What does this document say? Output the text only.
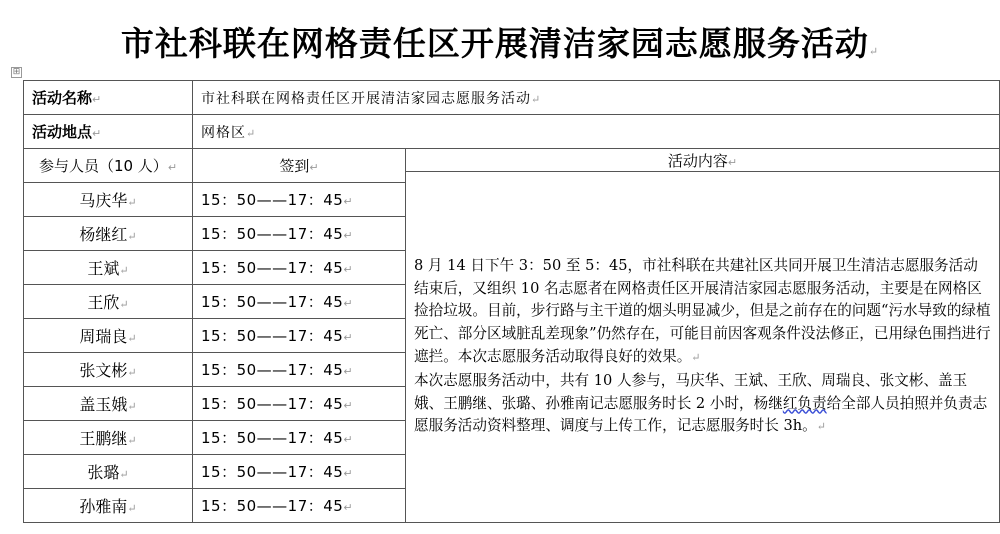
市社科联在网格责任区开展清洁家园志愿服务活动↵
⊞
活动名称↵	市社科联在网格责任区开展清洁家园志愿服务活动↵	
活动地点↵	网格区↵	
参与人员（10 人）↵	签到↵	活动内容↵

		8 月 14 日下午 3：50 至 5：45，市社科联在共建社区共同开展卫生清洁志愿服务活动结束后，又组织 10 名志愿者在网格责任区开展清洁家园志愿服务活动，主要是在网格区捡拾垃圾。目前，步行路与主干道的烟头明显减少，但是之前存在的问题“污水导致的绿植死亡、部分区域脏乱差现象”仍然存在，可能目前因客观条件没法修正，已用绿色围挡进行遮拦。本次志愿服务活动取得良好的效果。↵
本次志愿服务活动中，共有 10 人参与，马庆华、王斌、王欣、周瑞良、张文彬、盖玉娥、王鹏继、张璐、孙雅南记志愿服务时长 2 小时，杨继红负责给全部人员拍照并负责志愿服务活动资料整理、调度与上传工作，记志愿服务时长 3h。↵

马庆华↵	15：50——17：45↵	
杨继红↵	15：50——17：45↵	
王斌↵	15：50——17：45↵	
王欣↵	15：50——17：45↵	
周瑞良↵	15：50——17：45↵	
张文彬↵	15：50——17：45↵	
盖玉娥↵	15：50——17：45↵	
王鹏继↵	15：50——17：45↵	
张璐↵	15：50——17：45↵	
孙雅南↵	15：50——17：45↵	
